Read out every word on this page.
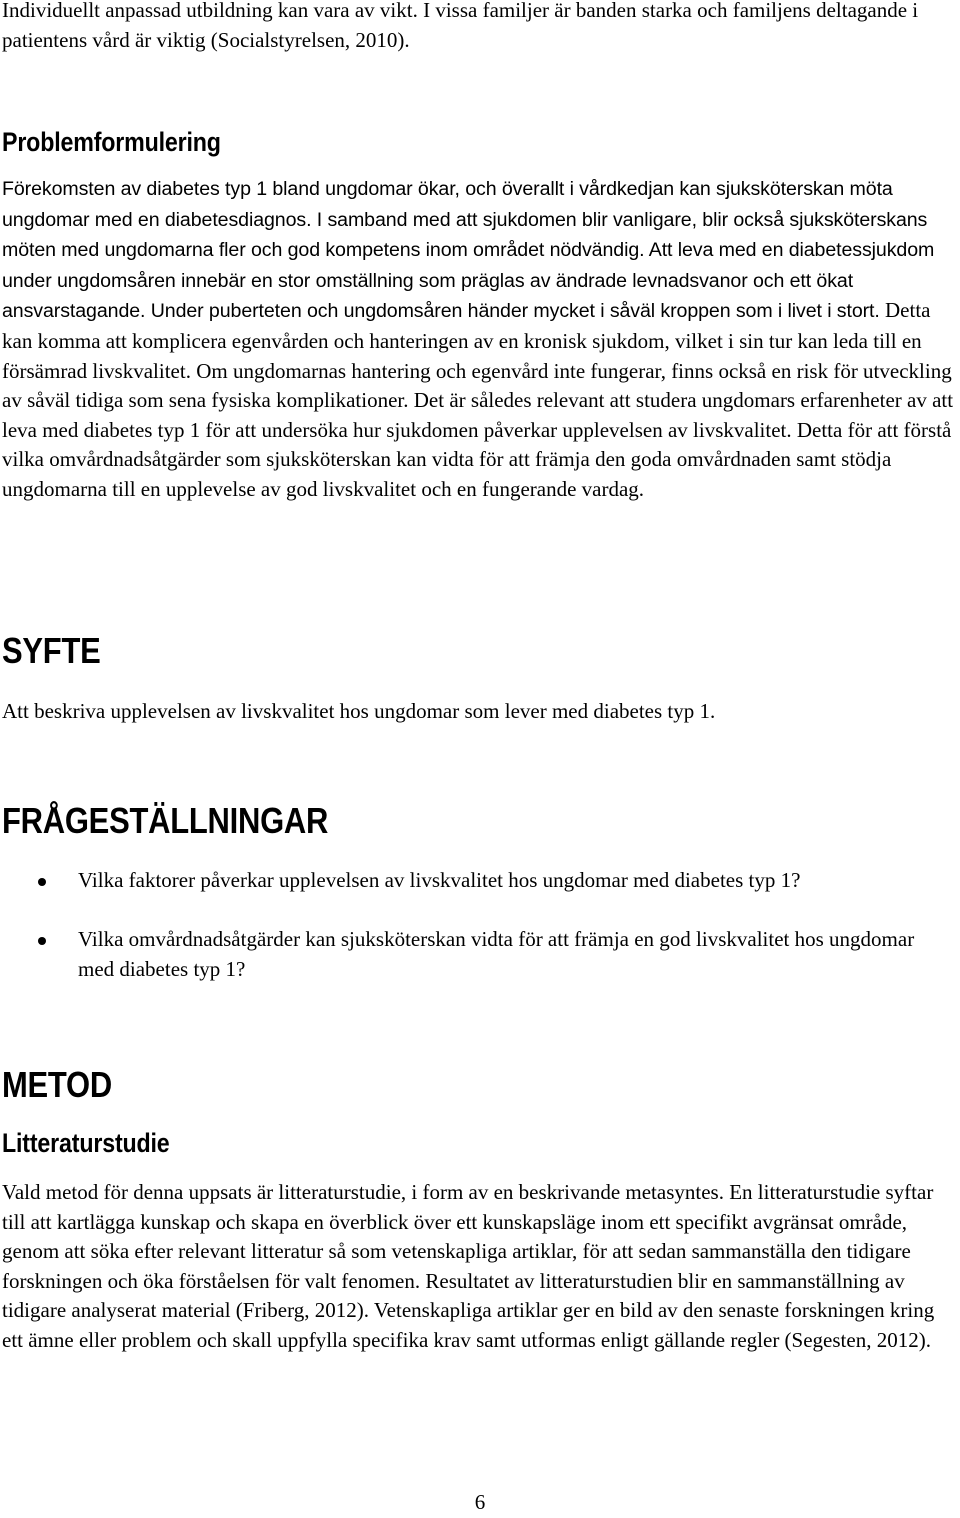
Individuellt anpassad utbildning kan vara av vikt. I vissa familjer är banden starka och familjens deltagande i patientens vård är viktig (Socialstyrelsen, 2010).

Problemformulering

Förekomsten av diabetes typ 1 bland ungdomar ökar, och överallt i vårdkedjan kan sjuksköterskan möta ungdomar med en diabetesdiagnos. I samband med att sjukdomen blir vanligare, blir också sjuksköterskans möten med ungdomarna fler och god kompetens inom området nödvändig. Att leva med en diabetessjukdom under ungdomsåren innebär en stor omställning som präglas av ändrade levnadsvanor och ett ökat ansvarstagande. Under puberteten och ungdomsåren händer mycket i såväl kroppen som i livet i stort. Detta kan komma att komplicera egenvården och hanteringen av en kronisk sjukdom, vilket i sin tur kan leda till en försämrad livskvalitet. Om ungdomarnas hantering och egenvård inte fungerar, finns också en risk för utveckling av såväl tidiga som sena fysiska komplikationer. Det är således relevant att studera ungdomars erfarenheter av att leva med diabetes typ 1 för att undersöka hur sjukdomen påverkar upplevelsen av livskvalitet. Detta för att förstå vilka omvårdnadsåtgärder som sjuksköterskan kan vidta för att främja den goda omvårdnaden samt stödja ungdomarna till en upplevelse av god livskvalitet och en fungerande vardag.

SYFTE

Att beskriva upplevelsen av livskvalitet hos ungdomar som lever med diabetes typ 1.

FRÅGESTÄLLNINGAR
Vilka faktorer påverkar upplevelsen av livskvalitet hos ungdomar med diabetes typ 1?
Vilka omvårdnadsåtgärder kan sjuksköterskan vidta för att främja en god livskvalitet hos ungdomar med diabetes typ 1?
METOD
Litteraturstudie

Vald metod för denna uppsats är litteraturstudie, i form av en beskrivande metasyntes. En litteraturstudie syftar till att kartlägga kunskap och skapa en överblick över ett kunskapsläge inom ett specifikt avgränsat område, genom att söka efter relevant litteratur så som vetenskapliga artiklar, för att sedan sammanställa den tidigare forskningen och öka förståelsen för valt fenomen. Resultatet av litteraturstudien blir en sammanställning av tidigare analyserat material (Friberg, 2012). Vetenskapliga artiklar ger en bild av den senaste forskningen kring ett ämne eller problem och skall uppfylla specifika krav samt utformas enligt gällande regler (Segesten, 2012).

6
